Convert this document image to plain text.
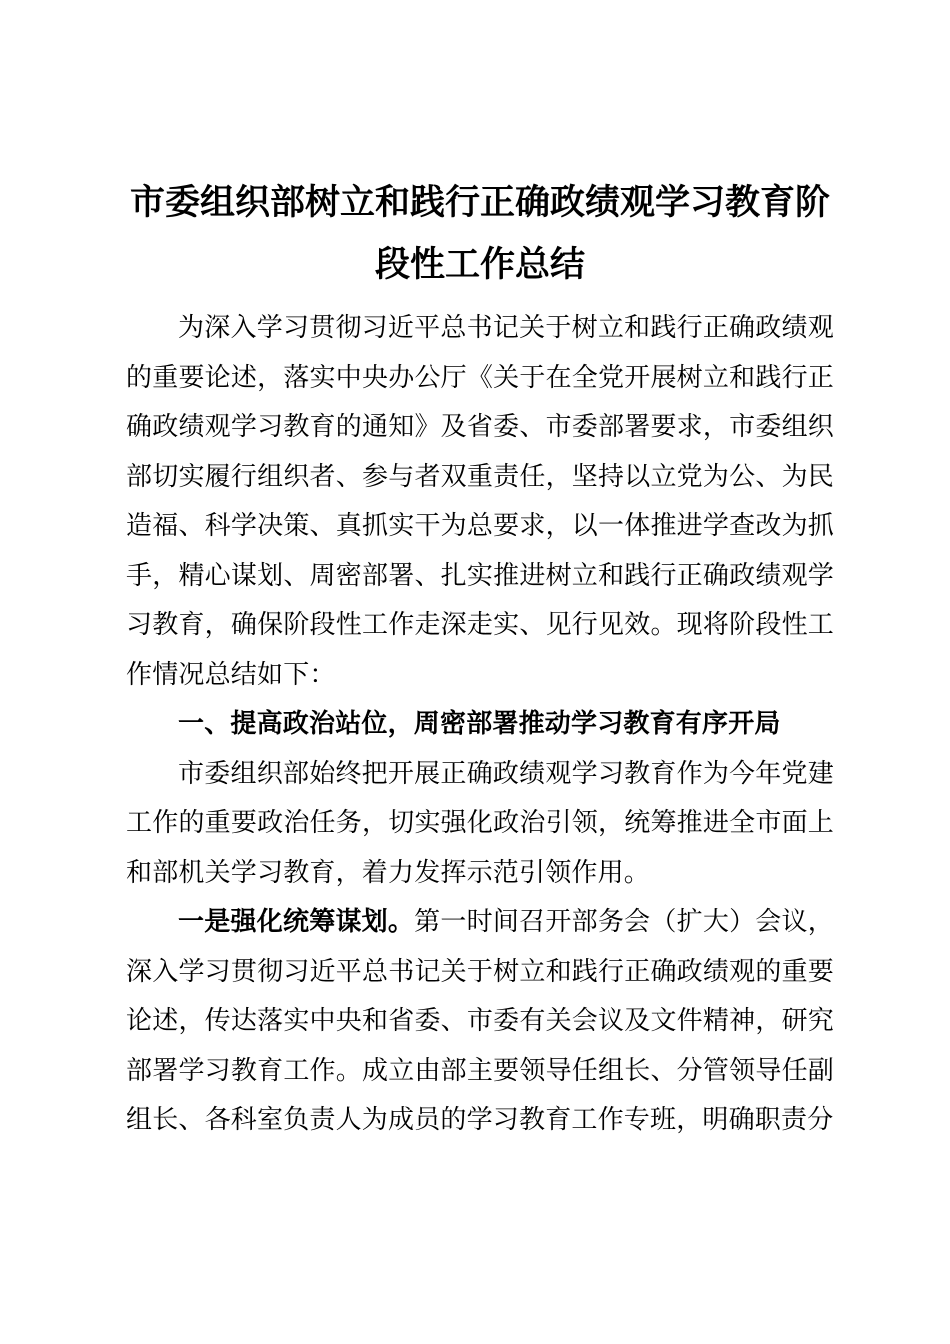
市委组织部树立和践行正确政绩观学习教育阶段性工作总结

为深入学习贯彻习近平总书记关于树立和践行正确政绩观的重要论述，落实中央办公厅《关于在全党开展树立和践行正确政绩观学习教育的通知》及省委、市委部署要求，市委组织部切实履行组织者、参与者双重责任，坚持以立党为公、为民造福、科学决策、真抓实干为总要求，以一体推进学查改为抓手，精心谋划、周密部署、扎实推进树立和践行正确政绩观学习教育，确保阶段性工作走深走实、见行见效。现将阶段性工作情况总结如下：

一、提高政治站位，周密部署推动学习教育有序开局

市委组织部始终把开展正确政绩观学习教育作为今年党建工作的重要政治任务，切实强化政治引领，统筹推进全市面上和部机关学习教育，着力发挥示范引领作用。

一是强化统筹谋划。第一时间召开部务会（扩大）会议，深入学习贯彻习近平总书记关于树立和践行正确政绩观的重要论述，传达落实中央和省委、市委有关会议及文件精神，研究部署学习教育工作。成立由部主要领导任组长、分管领导任副组长、各科室负责人为成员的学习教育工作专班，明确职责分
